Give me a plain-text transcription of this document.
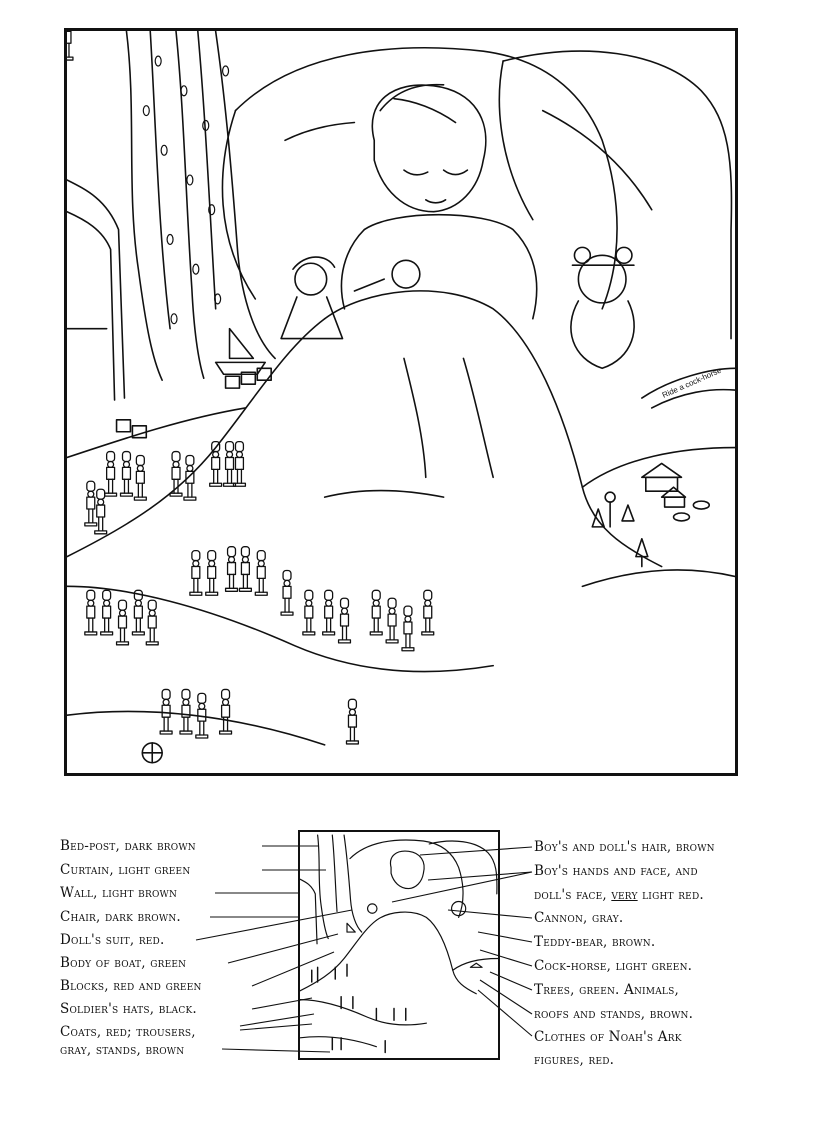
Ride a cock-horse
Bed-post, dark brown
Curtain, light green
Wall, light brown
Chair, dark brown.
Doll's suit, red.
Body of boat, green
Blocks, red and green
Soldier's hats, black.
Coats, red; trousers,
gray, stands, brown
Boy's and doll's hair, brown
Boy's hands and face, and
doll's face, very light red.
Cannon, gray.
Teddy-bear, brown.
Cock-horse, light green.
Trees, green. Animals,
roofs and stands, brown.
Clothes of Noah's Ark
figures, red.
